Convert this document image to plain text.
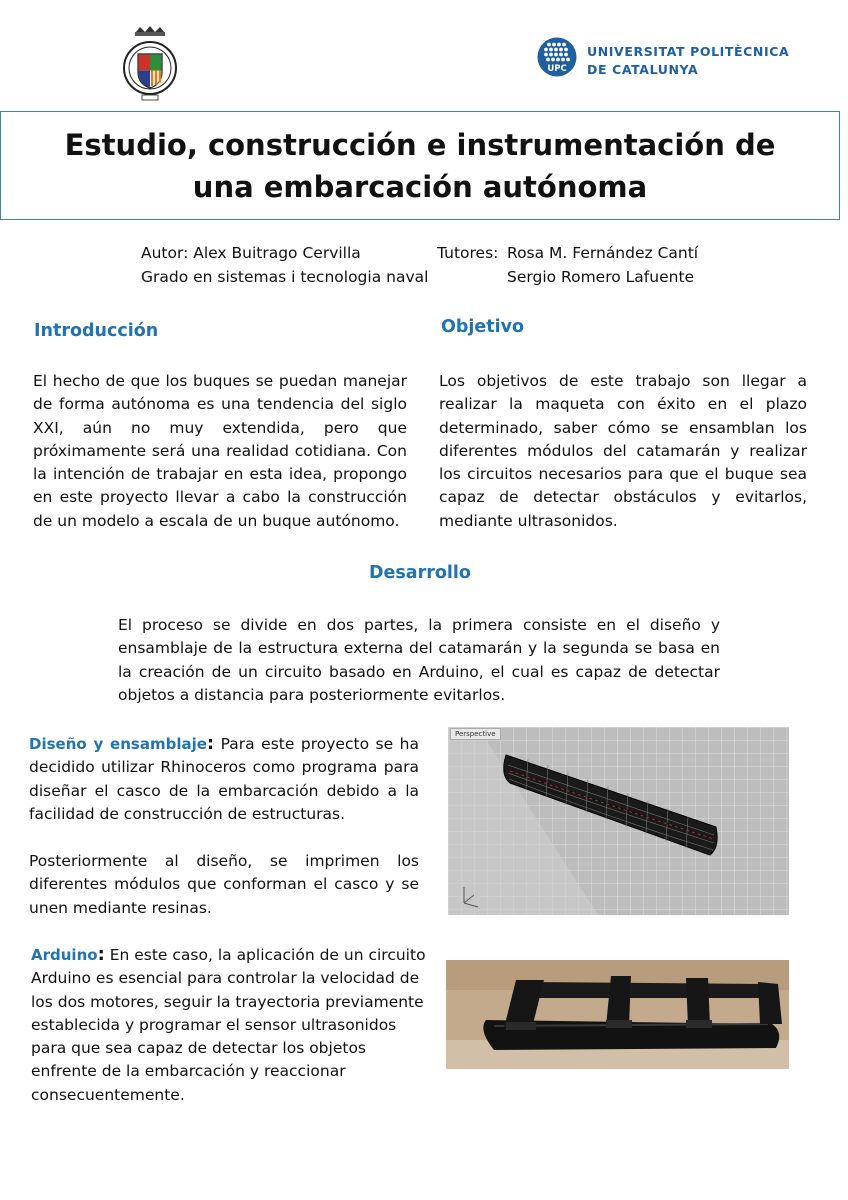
UPC
UNIVERSITAT POLITÈCNICA
DE CATALUNYA
Estudio, construcción e instrumentación de una embarcación autónoma
Autor: Alex Buitrago Cervilla
Grado en sistemas i tecnologia naval
Tutores: Rosa M. Fernández Cantí
Sergio Romero Lafuente
Introducción

El hecho de que los buques se puedan manejar de forma autónoma es una tendencia del siglo XXI, aún no muy extendida, pero que próximamente será una realidad cotidiana. Con la intención de trabajar en esta idea, propongo en este proyecto llevar a cabo la construcción de un modelo a escala de un buque autónomo.

Objetivo

Los objetivos de este trabajo son llegar a realizar la maqueta con éxito en el plazo determinado, saber cómo se ensamblan los diferentes módulos del catamarán y realizar los circuitos necesarios para que el buque sea capaz de detectar obstáculos y evitarlos, mediante ultrasonidos.

Desarrollo

El proceso se divide en dos partes, la primera consiste en el diseño y ensamblaje de la estructura externa del catamarán y la segunda se basa en la creación de un circuito basado en Arduino, el cual es capaz de detectar objetos a distancia para posteriormente evitarlos.

Diseño y ensamblaje: Para este proyecto se ha decidido utilizar Rhinoceros como programa para diseñar el casco de la embarcación debido a la facilidad de construcción de estructuras.

Posteriormente al diseño, se imprimen los diferentes módulos que conforman el casco y se unen mediante resinas.

Perspective

Arduino: En este caso, la aplicación de un circuito Arduino es esencial para controlar la velocidad de los dos motores, seguir la trayectoria previamente establecida y programar el sensor ultrasonidos para que sea capaz de detectar los objetos enfrente de la embarcación y reaccionar consecuentemente.
